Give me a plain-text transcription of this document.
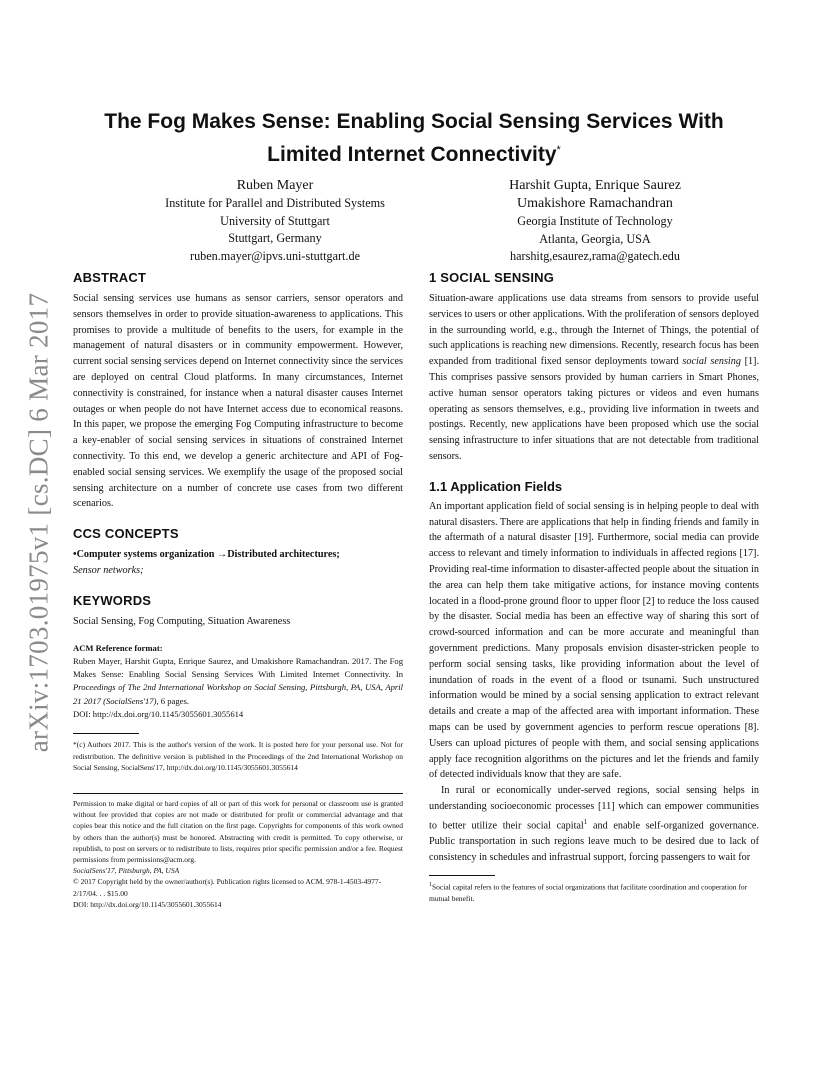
arXiv:1703.01975v1 [cs.DC] 6 Mar 2017
The Fog Makes Sense: Enabling Social Sensing Services With Limited Internet Connectivity*
Ruben Mayer
Institute for Parallel and Distributed Systems
University of Stuttgart
Stuttgart, Germany
ruben.mayer@ipvs.uni-stuttgart.de
Harshit Gupta, Enrique Saurez
Umakishore Ramachandran
Georgia Institute of Technology
Atlanta, Georgia, USA
harshitg,esaurez,rama@gatech.edu
ABSTRACT

Social sensing services use humans as sensor carriers, sensor operators and sensors themselves in order to provide situation-awareness to applications. This promises to provide a multitude of benefits to the users, for example in the management of natural disasters or in community empowerment. However, current social sensing services depend on Internet connectivity since the services are deployed on central Cloud platforms. In many circumstances, Internet connectivity is constrained, for instance when a natural disaster causes Internet outages or when people do not have Internet access due to economical reasons. In this paper, we propose the emerging Fog Computing infrastructure to become a key-enabler of social sensing services in situations of constrained Internet connectivity. To this end, we develop a generic architecture and API of Fog-enabled social sensing services. We exemplify the usage of the proposed social sensing architecture on a number of concrete use cases from two different scenarios.

CCS CONCEPTS

•Computer systems organization →Distributed architectures;
Sensor networks;

KEYWORDS

Social Sensing, Fog Computing, Situation Awareness

ACM Reference format:

Ruben Mayer, Harshit Gupta, Enrique Saurez, and Umakishore Ramachandran. 2017. The Fog Makes Sense: Enabling Social Sensing Services With Limited Internet Connectivity. In Proceedings of The 2nd International Workshop on Social Sensing, Pittsburgh, PA, USA, April 21 2017 (SocialSens'17), 6 pages.

DOI: http://dx.doi.org/10.1145/3055601.3055614

*(c) Authors 2017. This is the author's version of the work. It is posted here for your personal use. Not for redistribution. The definitive version is published in the Proceedings of the 2nd International Workshop on Social Sensing, SocialSens'17, http://dx.doi.org/10.1145/3055601.3055614

Permission to make digital or hard copies of all or part of this work for personal or classroom use is granted without fee provided that copies are not made or distributed for profit or commercial advantage and that copies bear this notice and the full citation on the first page. Copyrights for components of this work owned by others than the author(s) must be honored. Abstracting with credit is permitted. To copy otherwise, or republish, to post on servers or to redistribute to lists, requires prior specific permission and/or a fee. Request permissions from permissions@acm.org.

SocialSens'17, Pittsburgh, PA, USA

© 2017 Copyright held by the owner/author(s). Publication rights licensed to ACM. 978-1-4503-4977-2/17/04. . . $15.00

DOI: http://dx.doi.org/10.1145/3055601.3055614
1 SOCIAL SENSING

Situation-aware applications use data streams from sensors to provide useful services to users or other applications. With the proliferation of sensors deployed in the surrounding world, e.g., through the Internet of Things, the potential of such applications is reaching new dimensions. Recently, research focus has been expanded from traditional fixed sensor deployments toward social sensing [1]. This comprises passive sensors provided by human carriers in Smart Phones, active human sensor operators taking pictures or videos and even humans operating as sensors themselves, e.g., providing live information in tweets and postings. Recently, new applications have been proposed which use the social sensing infrastructure to infer situations that are not detectable from traditional sensors.

1.1 Application Fields

An important application field of social sensing is in helping people to deal with natural disasters. There are applications that help in finding friends and family in the aftermath of a natural disaster [19]. Furthermore, social media can provide access to relevant and timely information to individuals in affected regions [17]. Providing real-time information to disaster-affected people about the situation in the area can help them take mitigative actions, for instance moving contents located in a flood-prone ground floor to upper floor [2] to reduce the loss caused by the disaster. Social media has been an effective way of sharing this sort of crowd-sourced information and can be more accurate and meaningful than government predictions. Many proposals envision disaster-stricken people to perform social sensing tasks, like providing information about the level of inundation of roads in the event of a flood or tsunami. Such unstructured information would be mined by a social sensing application to extract relevant details and create a map of the affected area with important information. These maps can be used by government agencies to perform rescue operations [8]. Users can upload pictures of people with them, and social sensing applications apply face recognition algorithms on the pictures and let the friends and family of detected individuals know that they are safe.

In rural or economically under-served regions, social sensing helps in understanding socioeconomic processes [11] which can empower communities to better utilize their social capital$^1$ and enable self-organized governance. Public transportation in such regions leave much to be desired due to lack of consistency in schedules and infrastrual support, forcing passengers to wait for

$^1$Social capital refers to the features of social organizations that facilitate coordination and cooperation for mutual benefit.
